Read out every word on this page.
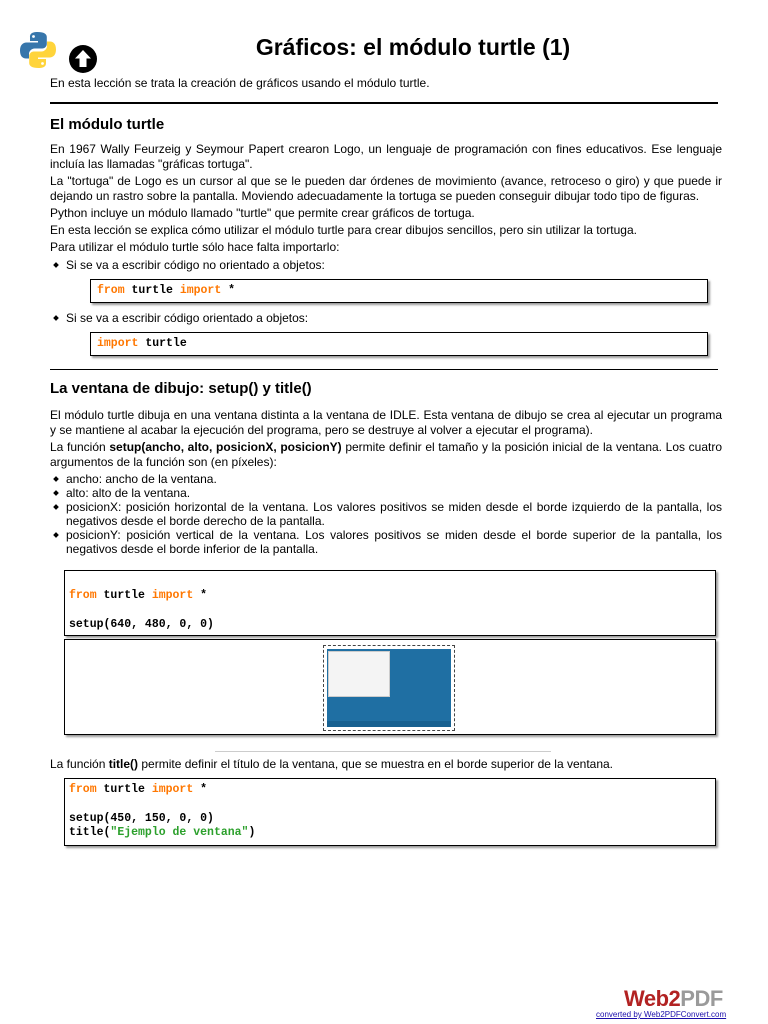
Gráficos: el módulo turtle (1)
En esta lección se trata la creación de gráficos usando el módulo turtle.
El módulo turtle
En 1967 Wally Feurzeig y Seymour Papert crearon Logo, un lenguaje de programación con fines educativos. Ese lenguaje incluía las llamadas "gráficas tortuga".
La "tortuga" de Logo es un cursor al que se le pueden dar órdenes de movimiento (avance, retroceso o giro) y que puede ir dejando un rastro sobre la pantalla. Moviendo adecuadamente la tortuga se pueden conseguir dibujar todo tipo de figuras.
Python incluye un módulo llamado "turtle" que permite crear gráficos de tortuga.
En esta lección se explica cómo utilizar el módulo turtle para crear dibujos sencillos, pero sin utilizar la tortuga.
Para utilizar el módulo turtle sólo hace falta importarlo:
Si se va a escribir código no orientado a objetos:
from turtle import *
Si se va a escribir código orientado a objetos:
import turtle
La ventana de dibujo: setup() y title()
El módulo turtle dibuja en una ventana distinta a la ventana de IDLE. Esta ventana de dibujo se crea al ejecutar un programa y se mantiene al acabar la ejecución del programa, pero se destruye al volver a ejecutar el programa).
La función setup(ancho, alto, posicionX, posicionY) permite definir el tamaño y la posición inicial de la ventana. Los cuatro argumentos de la función son (en píxeles):
ancho: ancho de la ventana.
alto: alto de la ventana.
posicionX: posición horizontal de la ventana. Los valores positivos se miden desde el borde izquierdo de la pantalla, los negativos desde el borde derecho de la pantalla.
posicionY: posición vertical de la ventana. Los valores positivos se miden desde el borde superior de la pantalla, los negativos desde el borde inferior de la pantalla.
from turtle import *
setup(640, 480, 0, 0)
La función title() permite definir el título de la ventana, que se muestra en el borde superior de la ventana.
from turtle import *
setup(450, 150, 0, 0)
title("Ejemplo de ventana")
Web2PDF
converted by Web2PDFConvert.com
